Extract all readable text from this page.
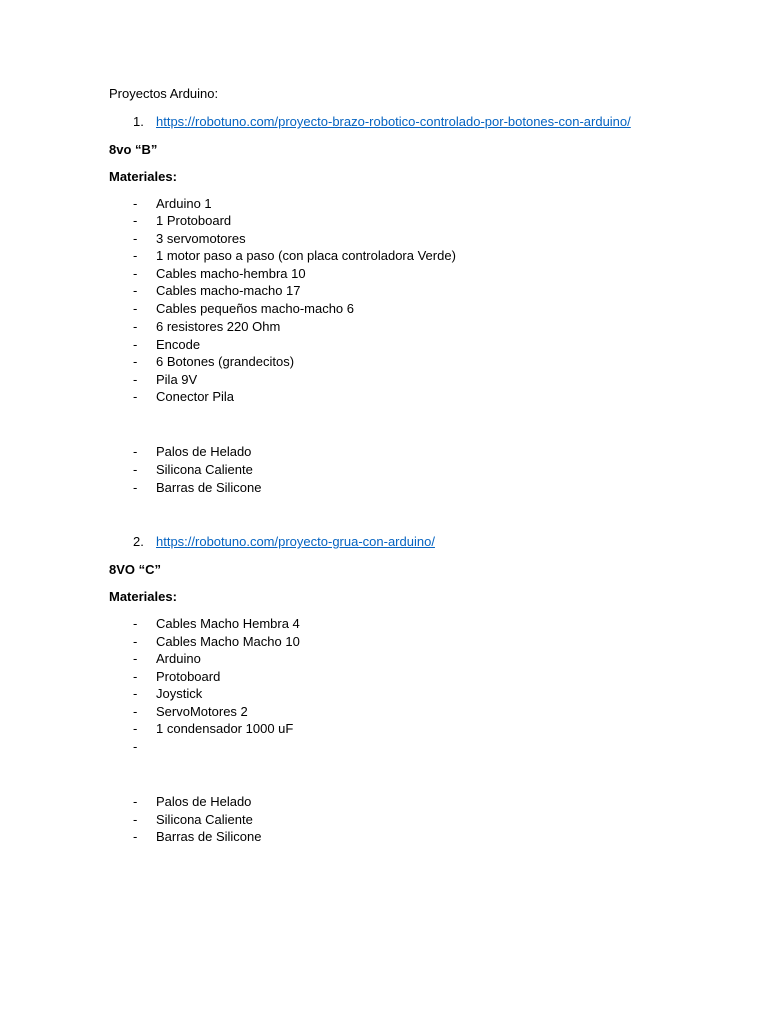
Proyectos Arduino:
1. https://robotuno.com/proyecto-brazo-robotico-controlado-por-botones-con-arduino/
8vo “B”
Materiales:
- Arduino 1
- 1 Protoboard
- 3 servomotores
- 1 motor paso a paso (con placa controladora Verde)
- Cables macho-hembra 10
- Cables macho-macho 17
- Cables pequeños macho-macho 6
- 6 resistores 220 Ohm
- Encode
- 6 Botones (grandecitos)
- Pila 9V
- Conector Pila
- Palos de Helado
- Silicona Caliente
- Barras de Silicone
2. https://robotuno.com/proyecto-grua-con-arduino/
8VO “C”
Materiales:
- Cables Macho Hembra 4
- Cables Macho Macho 10
- Arduino
- Protoboard
- Joystick
- ServoMotores 2
- 1 condensador 1000 uF
-
- Palos de Helado
- Silicona Caliente
- Barras de Silicone
